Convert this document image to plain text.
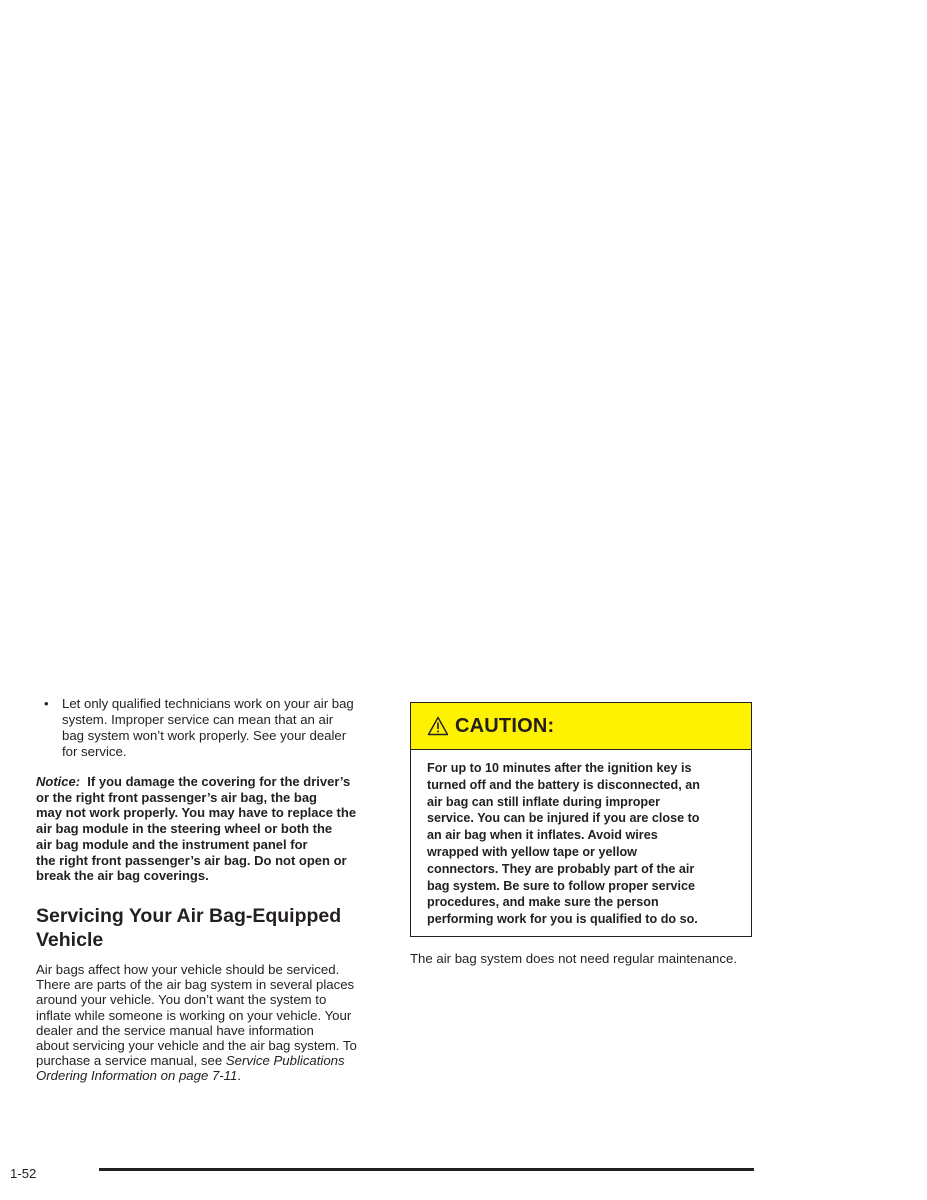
• Let only qualified technicians work on your air bag
system. Improper service can mean that an air
bag system won’t work properly. See your dealer
for service.
Notice: If you damage the covering for the driver’s
or the right front passenger’s air bag, the bag
may not work properly. You may have to replace the
air bag module in the steering wheel or both the
air bag module and the instrument panel for
the right front passenger’s air bag. Do not open or
break the air bag coverings.
Servicing Your Air Bag-Equipped
Vehicle
Air bags affect how your vehicle should be serviced.
There are parts of the air bag system in several places
around your vehicle. You don’t want the system to
inflate while someone is working on your vehicle. Your
dealer and the service manual have information
about servicing your vehicle and the air bag system. To
purchase a service manual, see Service Publications
Ordering Information on page 7-11.
CAUTION:
For up to 10 minutes after the ignition key is
turned off and the battery is disconnected, an
air bag can still inflate during improper
service. You can be injured if you are close to
an air bag when it inflates. Avoid wires
wrapped with yellow tape or yellow
connectors. They are probably part of the air
bag system. Be sure to follow proper service
procedures, and make sure the person
performing work for you is qualified to do so.
The air bag system does not need regular maintenance.
1-52
